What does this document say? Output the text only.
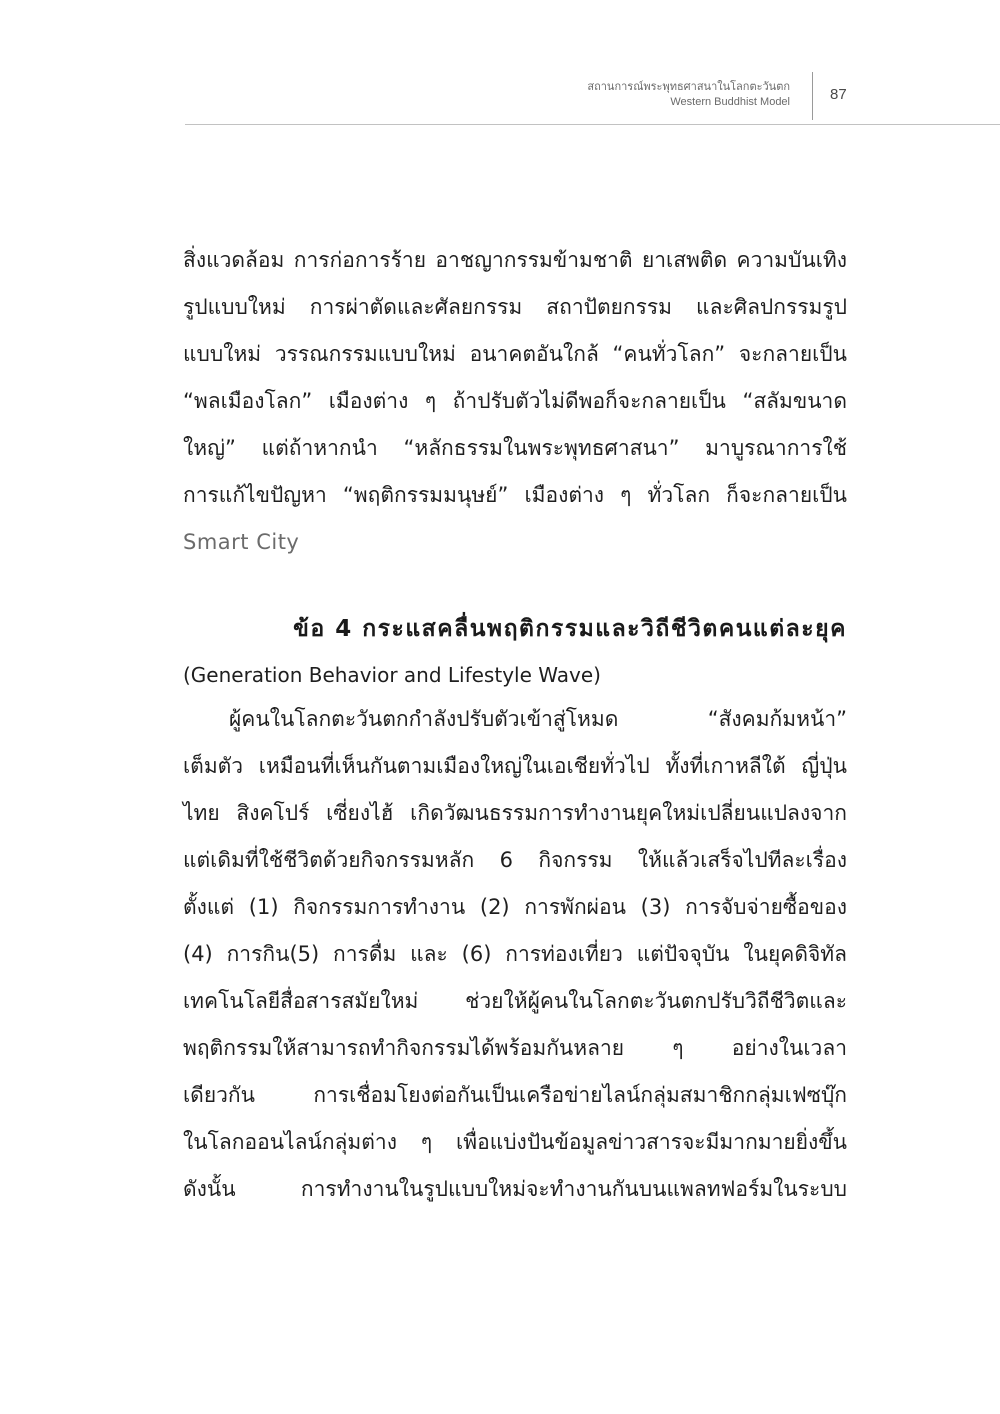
สถานการณ์พระพุทธศาสนาในโลกตะวันตก
Western Buddhist Model	87
สิ่งแวดล้อม การก่อการร้าย อาชญากรรมข้ามชาติ ยาเสพติด ความบันเทิง
รูปแบบใหม่ การผ่าตัดและศัลยกรรม สถาปัตยกรรม และศิลปกรรมรูป
แบบใหม่ วรรณกรรมแบบใหม่ อนาคตอันใกล้ “คนทั่วโลก” จะกลายเป็น
“พลเมืองโลก” เมืองต่าง ๆ ถ้าปรับตัวไม่ดีพอก็จะกลายเป็น “สลัมขนาด
ใหญ่” แต่ถ้าหากนำ “หลักธรรมในพระพุทธศาสนา” มาบูรณาการใช้
การแก้ไขปัญหา “พฤติกรรมมนุษย์” เมืองต่าง ๆ ทั่วโลก ก็จะกลายเป็น
Smart City
ข้อ 4 กระแสคลื่นพฤติกรรมและวิถีชีวิตคนแต่ละยุค
(Generation Behavior and Lifestyle Wave)
ผู้คนในโลกตะวันตกกำลังปรับตัวเข้าสู่โหมด “สังคมก้มหน้า”
เต็มตัว เหมือนที่เห็นกันตามเมืองใหญ่ในเอเชียทั่วไป ทั้งที่เกาหลีใต้ ญี่ปุ่น
ไทย สิงคโปร์ เซี่ยงไฮ้ เกิดวัฒนธรรมการทำงานยุคใหม่เปลี่ยนแปลงจาก
แต่เดิมที่ใช้ชีวิตด้วยกิจกรรมหลัก 6 กิจกรรม ให้แล้วเสร็จไปทีละเรื่อง
ตั้งแต่ (1) กิจกรรมการทำงาน (2) การพักผ่อน (3) การจับจ่ายซื้อของ
(4) การกิน(5) การดื่ม และ (6) การท่องเที่ยว แต่ปัจจุบัน ในยุคดิจิทัล
เทคโนโลยีสื่อสารสมัยใหม่ ช่วยให้ผู้คนในโลกตะวันตกปรับวิถีชีวิตและ
พฤติกรรมให้สามารถทำกิจกรรมได้พร้อมกันหลาย ๆ อย่างในเวลา
เดียวกัน การเชื่อมโยงต่อกันเป็นเครือข่ายไลน์กลุ่มสมาชิกกลุ่มเฟซบุ๊ก
ในโลกออนไลน์กลุ่มต่าง ๆ เพื่อแบ่งปันข้อมูลข่าวสารจะมีมากมายยิ่งขึ้น
ดังนั้น การทำงานในรูปแบบใหม่จะทำงานกันบนแพลทฟอร์มในระบบ
